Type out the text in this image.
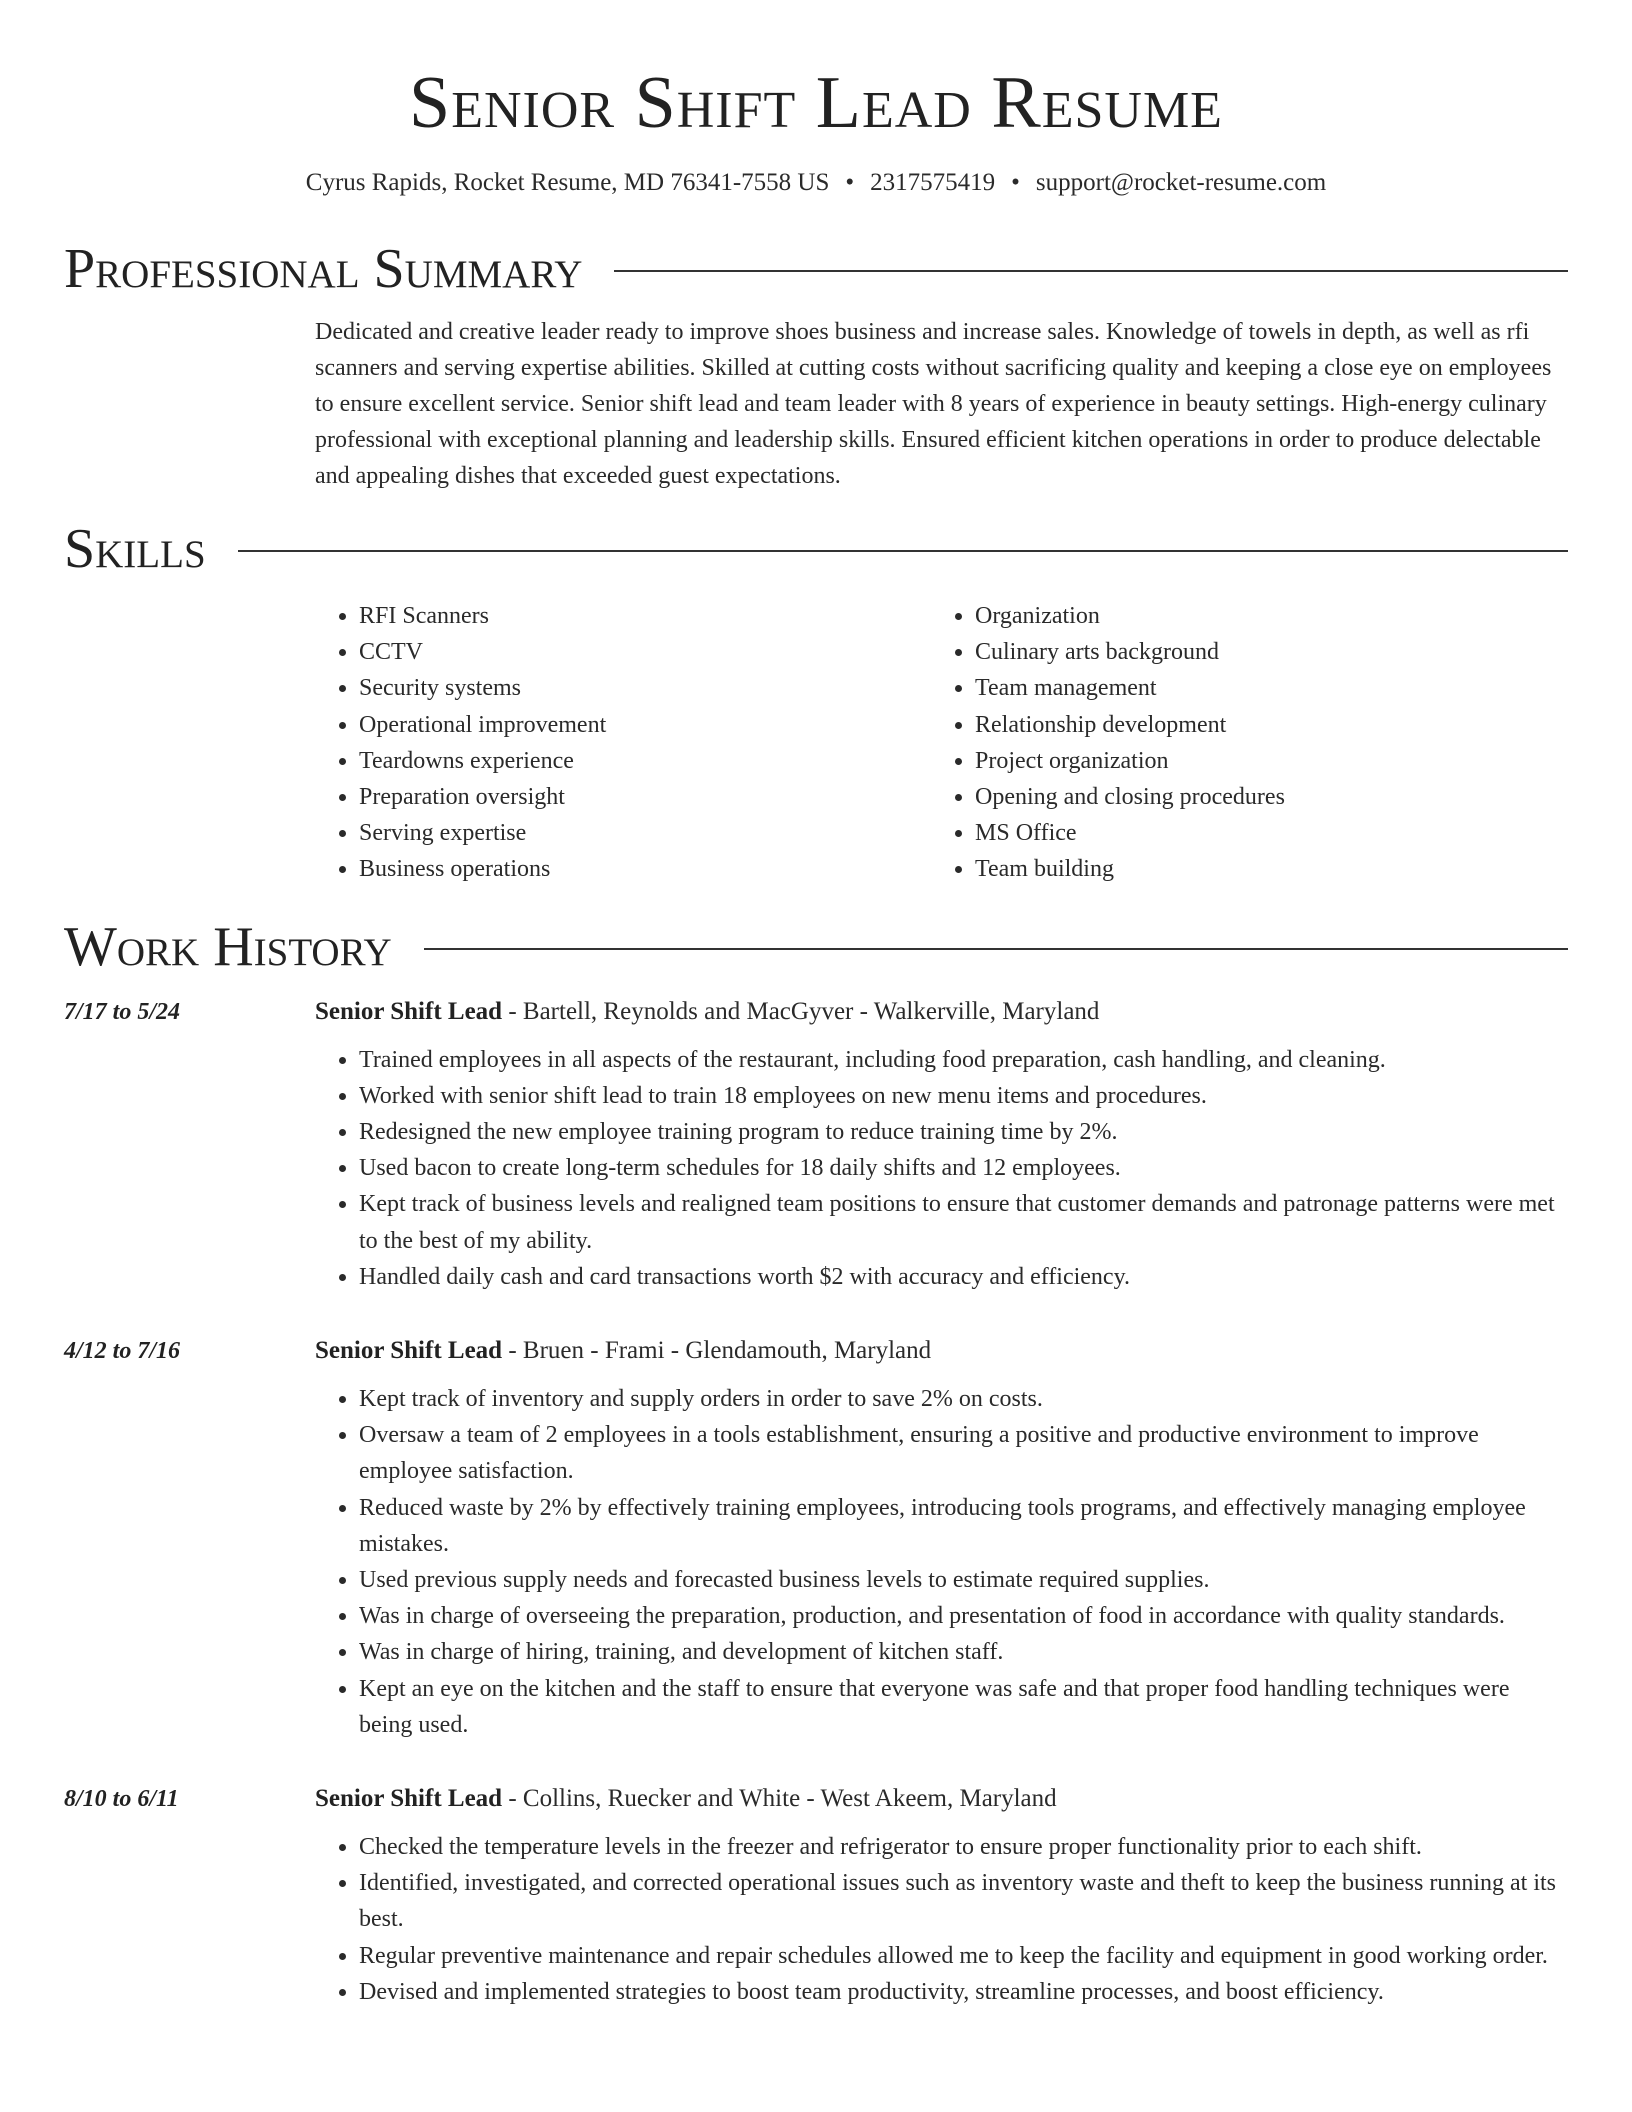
Senior Shift Lead Resume
Cyrus Rapids, Rocket Resume, MD 76341-7558 US • 2317575419 • support@rocket-resume.com
Professional Summary

Dedicated and creative leader ready to improve shoes business and increase sales. Knowledge of towels in depth, as well as rfi scanners and serving expertise abilities. Skilled at cutting costs without sacrificing quality and keeping a close eye on employees to ensure excellent service. Senior shift lead and team leader with 8 years of experience in beauty settings. High-energy culinary professional with exceptional planning and leadership skills. Ensured efficient kitchen operations in order to produce delectable and appealing dishes that exceeded guest expectations.

Skills
• RFI Scanners
• CCTV
• Security systems
• Operational improvement
• Teardowns experience
• Preparation oversight
• Serving expertise
• Business operations
• Organization
• Culinary arts background
• Team management
• Relationship development
• Project organization
• Opening and closing procedures
• MS Office
• Team building
Work History
7/17 to 5/24	Senior Shift Lead - Bartell, Reynolds and MacGyver - Walkerville, Maryland
• Trained employees in all aspects of the restaurant, including food preparation, cash handling, and cleaning.
• Worked with senior shift lead to train 18 employees on new menu items and procedures.
• Redesigned the new employee training program to reduce training time by 2%.
• Used bacon to create long-term schedules for 18 daily shifts and 12 employees.
• Kept track of business levels and realigned team positions to ensure that customer demands and patronage patterns were met to the best of my ability.
• Handled daily cash and card transactions worth $2 with accuracy and efficiency.
4/12 to 7/16	Senior Shift Lead - Bruen - Frami - Glendamouth, Maryland
• Kept track of inventory and supply orders in order to save 2% on costs.
• Oversaw a team of 2 employees in a tools establishment, ensuring a positive and productive environment to improve employee satisfaction.
• Reduced waste by 2% by effectively training employees, introducing tools programs, and effectively managing employee mistakes.
• Used previous supply needs and forecasted business levels to estimate required supplies.
• Was in charge of overseeing the preparation, production, and presentation of food in accordance with quality standards.
• Was in charge of hiring, training, and development of kitchen staff.
• Kept an eye on the kitchen and the staff to ensure that everyone was safe and that proper food handling techniques were being used.
8/10 to 6/11	Senior Shift Lead - Collins, Ruecker and White - West Akeem, Maryland
• Checked the temperature levels in the freezer and refrigerator to ensure proper functionality prior to each shift.
• Identified, investigated, and corrected operational issues such as inventory waste and theft to keep the business running at its best.
• Regular preventive maintenance and repair schedules allowed me to keep the facility and equipment in good working order.
• Devised and implemented strategies to boost team productivity, streamline processes, and boost efficiency.
